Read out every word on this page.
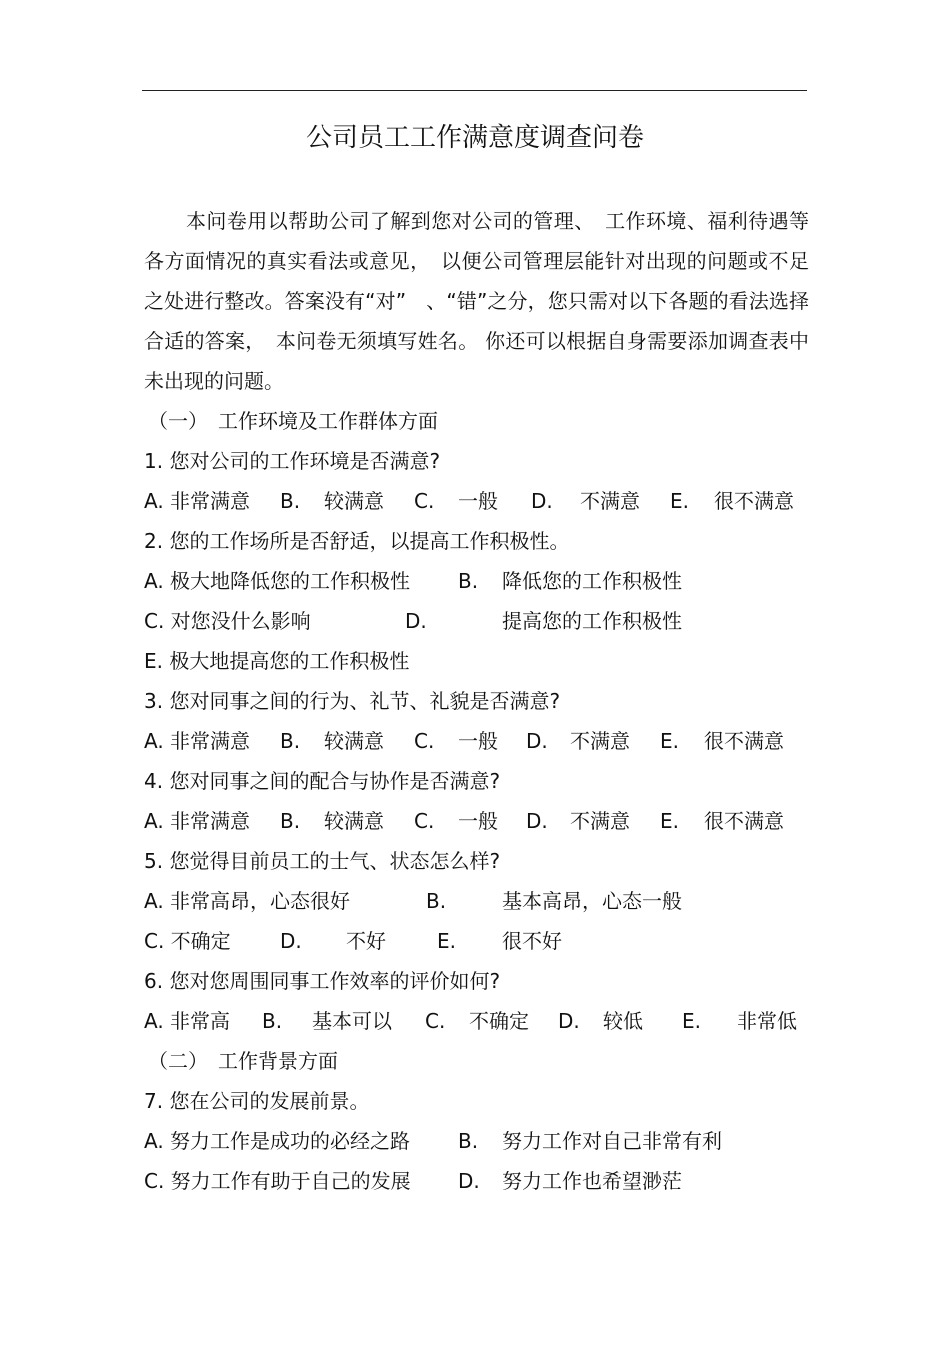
公司员工工作满意度调查问卷

本问卷用以帮助公司了解到您对公司的管理、　工作环境、福利待遇等各方面情况的真实看法或意见，　以便公司管理层能针对出现的问题或不足之处进行整改。答案没有“对”　、“错”之分，您只需对以下各题的看法选择合适的答案，　本问卷无须填写姓名。 你还可以根据自身需要添加调查表中未出现的问题。

（一）　工作环境及工作群体方面
1. 您对公司的工作环境是否满意?
A. 非常满意 B. 较满意 C. 一般 D. 不满意 E. 很不满意
2. 您的工作场所是否舒适，以提高工作积极性。
A. 极大地降低您的工作积极性 B. 降低您的工作积极性
C. 对您没什么影响	D.	提高您的工作积极性
E. 极大地提高您的工作积极性
3. 您对同事之间的行为、礼节、礼貌是否满意?
A. 非常满意 B. 较满意 C. 一般 D. 不满意 E. 很不满意
4. 您对同事之间的配合与协作是否满意?
A. 非常满意 B. 较满意 C. 一般 D. 不满意 E. 很不满意
5. 您觉得目前员工的士气、状态怎么样?
A. 非常高昂，心态很好	B.	基本高昂，心态一般
C. 不确定 D. 不好	E. 很不好
6. 您对您周围同事工作效率的评价如何?
A. 非常高 B. 基本可以 C. 不确定 D. 较低 E. 非常低
（二）　工作背景方面
7. 您在公司的发展前景。
A. 努力工作是成功的必经之路 B. 努力工作对自己非常有利
C. 努力工作有助于自己的发展 D. 努力工作也希望渺茫
